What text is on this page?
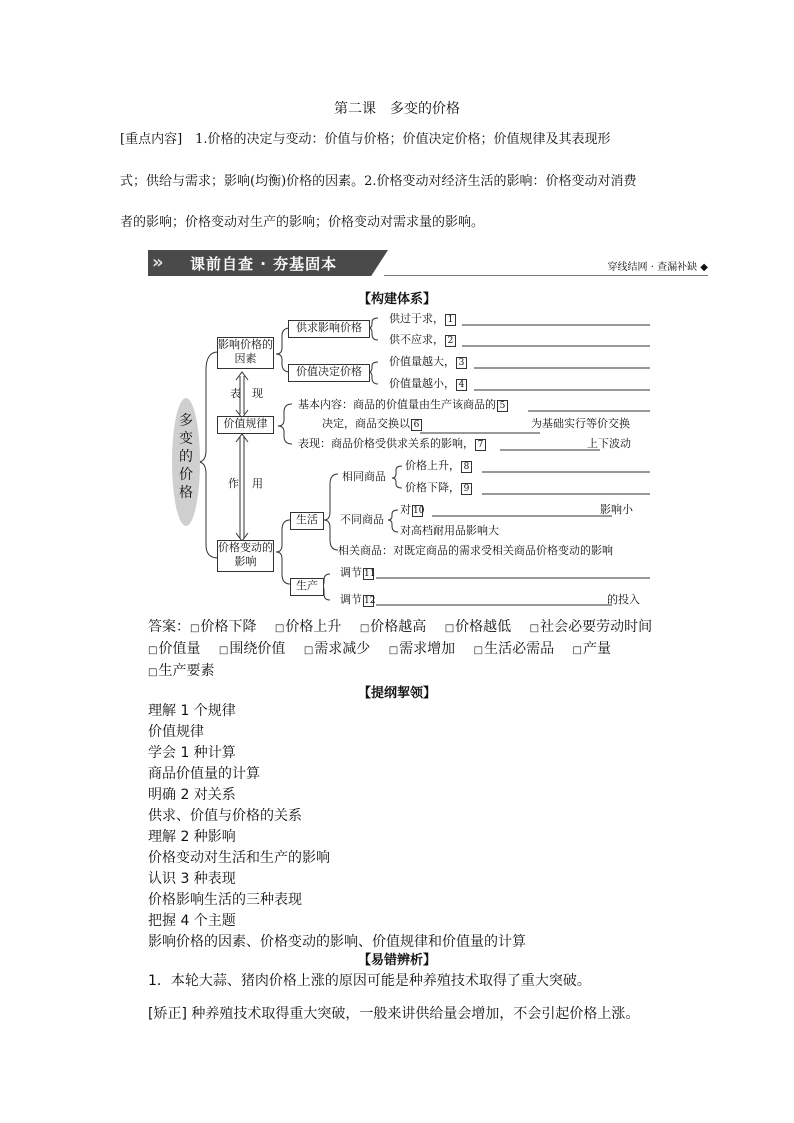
第二课　多变的价格
[重点内容]　1.价格的决定与变动：价值与价格；价值决定价格；价值规律及其表现形
式；供给与需求；影响(均衡)价格的因素。2.价格变动对经济生活的影响：价格变动对消费
者的影响；价格变动对生产的影响；价格变动对需求量的影响。
»	课前自查 · 夯基固本	穿线结网 · 查漏补缺 ◆
【构建体系】
多变的价格
影响价格的因素
价值规律
价格变动的影响
表 现
作 用
供求影响价格
价值决定价格
供过于求， 1
供不应求， 2
价值量越大， 3
价值量越小， 4
基本内容：商品的价值量由生产该商品的 5
决定，商品交换以 6	为基础实行等价交换
表现：商品价格受供求关系的影响， 7	上下波动
生活
生产
相同商品
价格上升， 8
价格下降， 9
不同商品
对 10	影响小
对高档耐用品影响大
相关商品：对既定商品的需求受相关商品价格变动的影响
调节 11
调节 12	的投入
答案：□价格下降 □价格上升 □价格越高 □价格越低 □社会必要劳动时间 □价值量 □围绕价值 □需求减少 □需求增加 □生活必需品 □产量 □生产要素
【提纲挈领】
理解 1 个规律
价值规律
学会 1 种计算
商品价值量的计算
明确 2 对关系
供求、价值与价格的关系
理解 2 种影响
价格变动对生活和生产的影响
认识 3 种表现
价格影响生活的三种表现
把握 4 个主题
影响价格的因素、价格变动的影响、价值规律和价值量的计算
【易错辨析】
1．本轮大蒜、猪肉价格上涨的原因可能是种养殖技术取得了重大突破。
[矫正] 种养殖技术取得重大突破，一般来讲供给量会增加，不会引起价格上涨。
